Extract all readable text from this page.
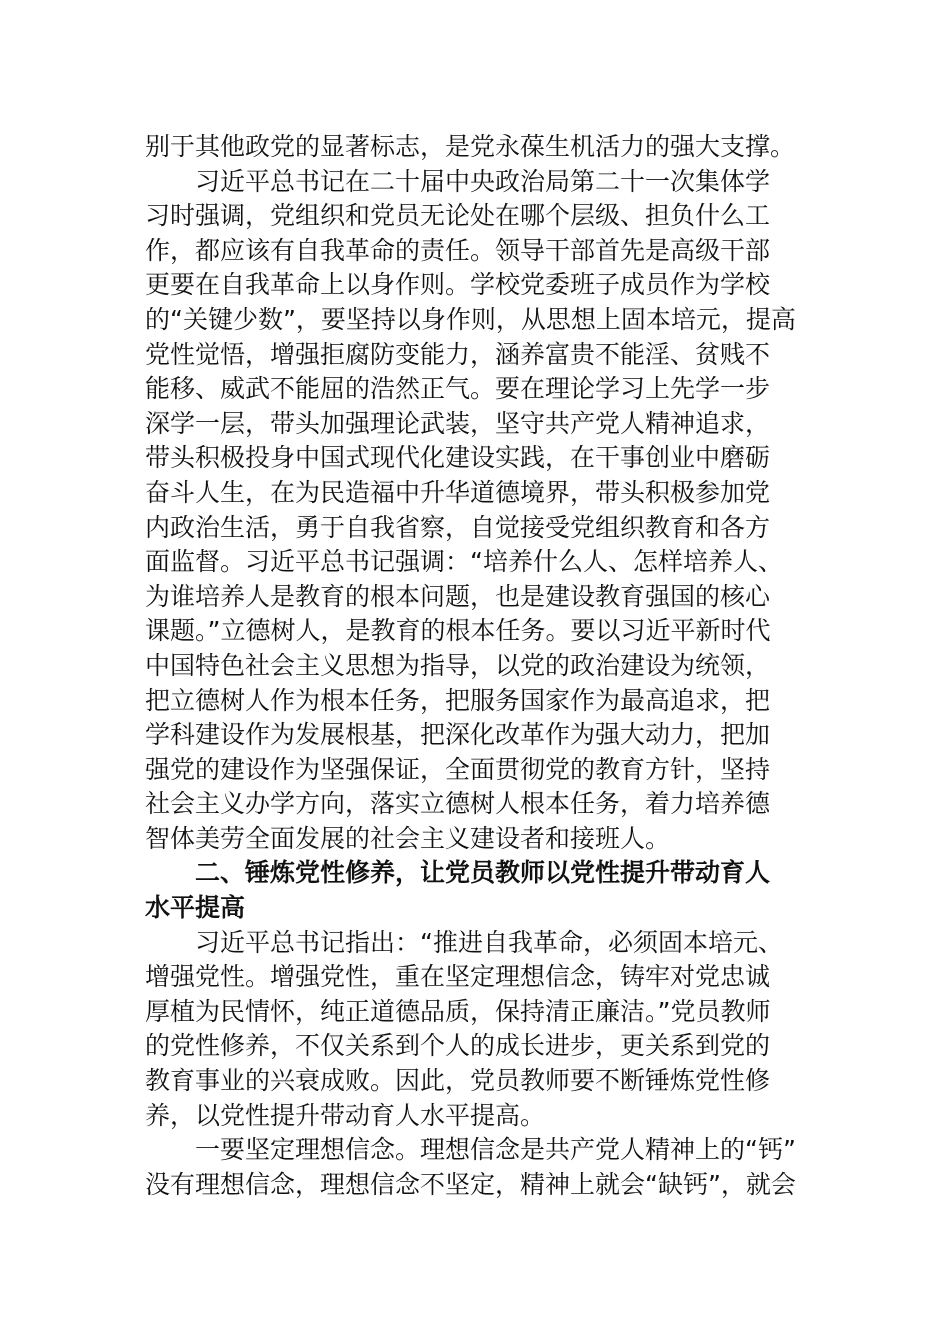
别于其他政党的显著标志，是党永葆生机活力的强大支撑。
习近平总书记在二十届中央政治局第二十一次集体学
习时强调，党组织和党员无论处在哪个层级、担负什么工
作，都应该有自我革命的责任。领导干部首先是高级干部
更要在自我革命上以身作则。学校党委班子成员作为学校
的“关键少数”，要坚持以身作则，从思想上固本培元，提高
党性觉悟，增强拒腐防变能力，涵养富贵不能淫、贫贱不
能移、威武不能屈的浩然正气。要在理论学习上先学一步
深学一层，带头加强理论武装，坚守共产党人精神追求，
带头积极投身中国式现代化建设实践，在干事创业中磨砺
奋斗人生，在为民造福中升华道德境界，带头积极参加党
内政治生活，勇于自我省察，自觉接受党组织教育和各方
面监督。习近平总书记强调：“培养什么人、怎样培养人、
为谁培养人是教育的根本问题，也是建设教育强国的核心
课题。”立德树人，是教育的根本任务。要以习近平新时代
中国特色社会主义思想为指导，以党的政治建设为统领，
把立德树人作为根本任务，把服务国家作为最高追求，把
学科建设作为发展根基，把深化改革作为强大动力，把加
强党的建设作为坚强保证，全面贯彻党的教育方针，坚持
社会主义办学方向，落实立德树人根本任务，着力培养德
智体美劳全面发展的社会主义建设者和接班人。
二、锤炼党性修养，让党员教师以党性提升带动育人
水平提高
习近平总书记指出：“推进自我革命，必须固本培元、
增强党性。增强党性，重在坚定理想信念，铸牢对党忠诚
厚植为民情怀，纯正道德品质，保持清正廉洁。”党员教师
的党性修养，不仅关系到个人的成长进步，更关系到党的
教育事业的兴衰成败。因此，党员教师要不断锤炼党性修
养，以党性提升带动育人水平提高。
一要坚定理想信念。理想信念是共产党人精神上的“钙”
没有理想信念，理想信念不坚定，精神上就会“缺钙”，就会
